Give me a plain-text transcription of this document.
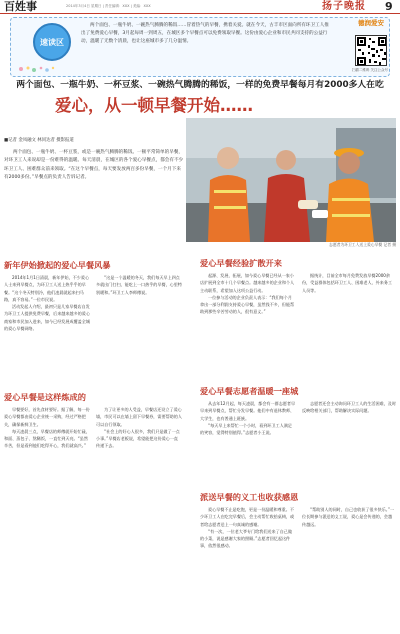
百姓事	2014年3月4日 星期日 | 责任编辑：XXX | 美编：XXX	扬子晚报 9
速读区
两个面包、一瓶牛奶、一碗热气腾腾的稀饭……冒着热气的早餐，携着关爱。就在今天，古丰市区面向所有环卫工人推出了免费爱心早餐，3月起每周一到周五，在城区多个早餐点可以免费领取早餐。这份由爱心企业和市民共同支持的公益行动，温暖了无数个清晨，也让这座城市多了几分温情。
德润爱安
扫描二维码 关注公众号
两个面包、一瓶牛奶、一杯豆浆、一碗热气腾腾的稀饭，一样的免费早餐每月有2000多人在吃
爱心，从一顿早餐开始……
■记者 金凤融文 林同达者 摄影报道
两个面包、一瓶牛奶、一杯豆浆，或是一碗热气腾腾的稀饭。一顿平常简单的早餐，对环卫工人来说却是一份难得的温暖。每天清晨，在城区的各个爱心早餐点，都会有不少环卫工人、困难群众前来领取。“在这个早餐点，每天要发放两百多份早餐，一个月下来有2000多份。”早餐点的负责人告诉记者。
志愿者为环卫工人送上爱心早餐 记者 摄
新年伊始掀起的爱心早餐风暴

2014年1月1日清晨，新年伊始，不少爱心人士来到早餐点，为环卫工人送上热乎乎的早餐。“这个冬天特别冷，他们凌晨就起来扫马路，真不容易。”一位市民说。

活动发起人介绍，最初只是几家早餐店自发为环卫工人提供免费早餐，后来越来越多的爱心商家和市民加入进来，如今已经发展成覆盖全城的爱心早餐网络。

“这是一个温暖的冬天，我们每天早上四点多就出门打扫，能吃上一口热乎的早餐，心里特别暖和。”环卫工人李师傅说。

爱心早餐是这样炼成的

早餐要好，首先食材要好。据了解，每一份爱心早餐都由爱心企业统一采购，经过严格把关，确保新鲜卫生。

每天凌晨三点，早餐店的师傅就开始忙碌，和面、蒸包子、熬稀饭，一直忙到天亮。“虽然辛苦，但是看到他们吃得开心，我们就高兴。”

为了让更多的人受益，早餐店还设立了爱心墙，市民可以在墙上留下早餐券，需要帮助的人可以自行领取。

“社会上的好心人很多，我们只是做了一点小事。”早餐店老板说，希望能把这份爱心一直传递下去。

爱心早餐经验扩散开来

起源、发展、拓展，如今爱心早餐已经从一家小店扩展到全市十几个早餐点。越来越多的企业和个人主动联系，希望加入这项公益行动。

一位参与活动的企业负责人表示：“我们每个月拿出一部分利润支持爱心早餐，虽然钱不多，但能帮助到那些辛苦劳动的人，很有意义。”

据统计，目前全市每月免费发放早餐2000余份，受益群体包括环卫工人、困难老人、外来务工人员等。

爱心早餐志愿者温暖一座城

从去年12月起，每天凌晨，都会有一群志愿者早早来到早餐点，帮忙分发早餐。他们中有退休教师、大学生，也有普通上班族。

“每天早上来帮忙一个小时，看到环卫工人满足的笑容，觉得特别值得。”志愿者小王说。

志愿者还会主动询问环卫工人的生活困难，及时反映给相关部门，帮助解决实际问题。

派送早餐的义工也收获感恩

爱心早餐不止是吃饱，更是一份温暖和尊重。不少环卫工人在吃完早餐后，会主动帮忙收拾桌椅，或者给志愿者送上一句真诚的感谢。

“有一次，一位老大爷专门给我们送来了自己做的小菜，说是感谢大家的照顾。”志愿者回忆起这件事，依然很感动。

“帮助别人的同时，自己也收获了很多快乐。”一位长期参与派送的义工说，爱心是会传递的，会越传越远。
